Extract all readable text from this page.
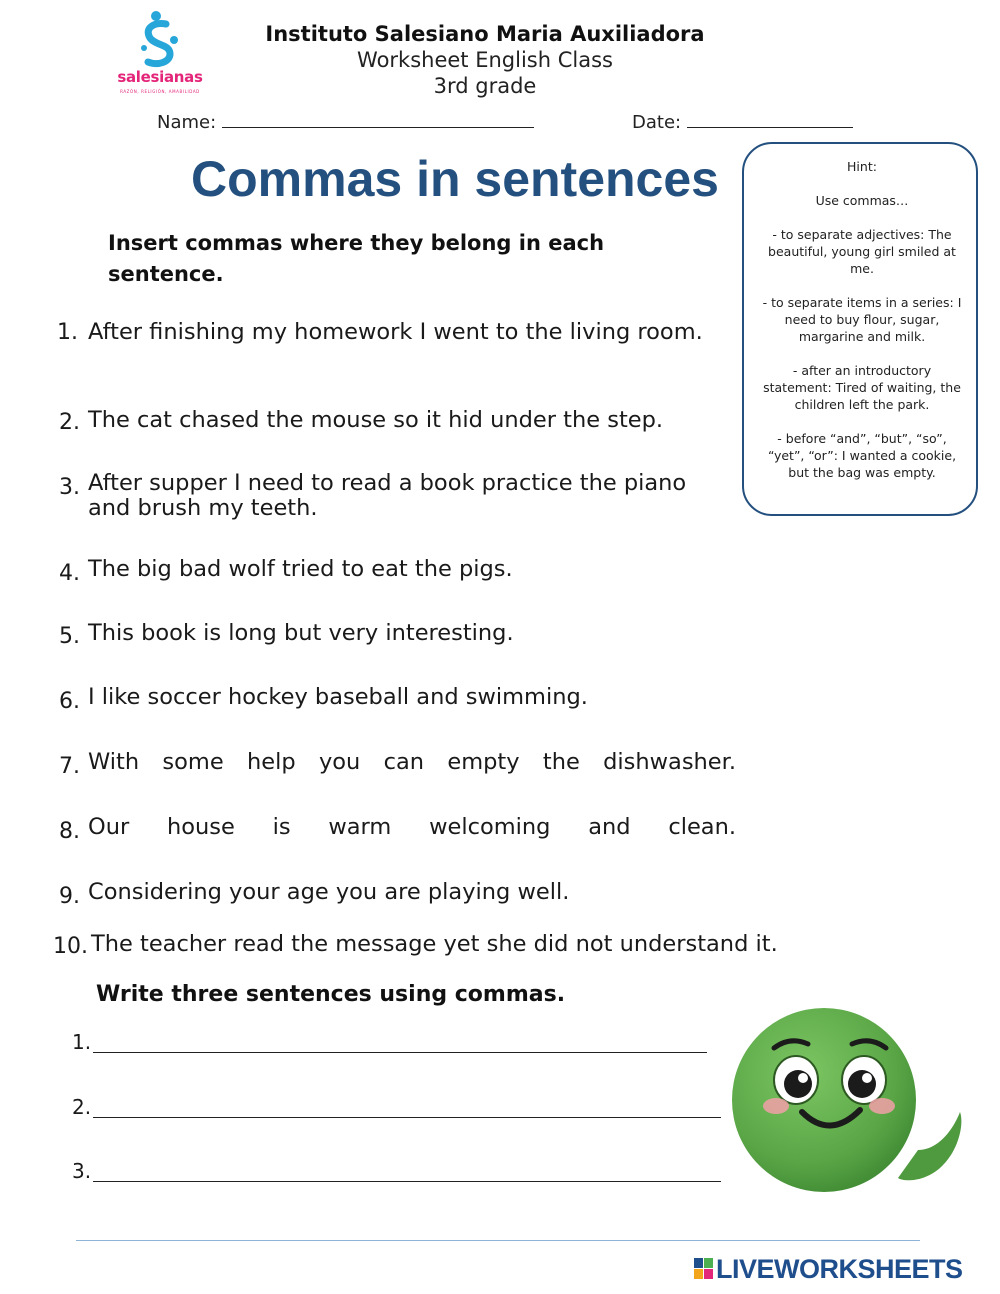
salesianas
RAZÓN, RELIGIÓN, AMABILIDAD
Instituto Salesiano Maria Auxiliadora
Worksheet English Class
3rd grade
Name:	Date:
Commas in sentences
Insert commas where they belong in each sentence.
Hint:

Use commas…

- to separate adjectives: The beautiful, young girl smiled at me.

- to separate items in a series: I need to buy flour, sugar, margarine and milk.

- after an introductory statement: Tired of waiting, the children left the park.

- before “and”, “but”, “so”, “yet”, “or”: I wanted a cookie, but the bag was empty.
1. After finishing my homework I went to the living room.
2. The cat chased the mouse so it hid under the step.
3. After supper I need to read a book practice the piano and brush my teeth.
4. The big bad wolf tried to eat the pigs.
5. This book is long but very interesting.
6. I like soccer hockey baseball and swimming.
7. With some help you can empty the dishwasher.
8. Our house is warm welcoming and clean.
9. Considering your age you are playing well.
10. The teacher read the message yet she did not understand it.
Write three sentences using commas.
1.
2.
3.
LIVEWORKSHEETS
